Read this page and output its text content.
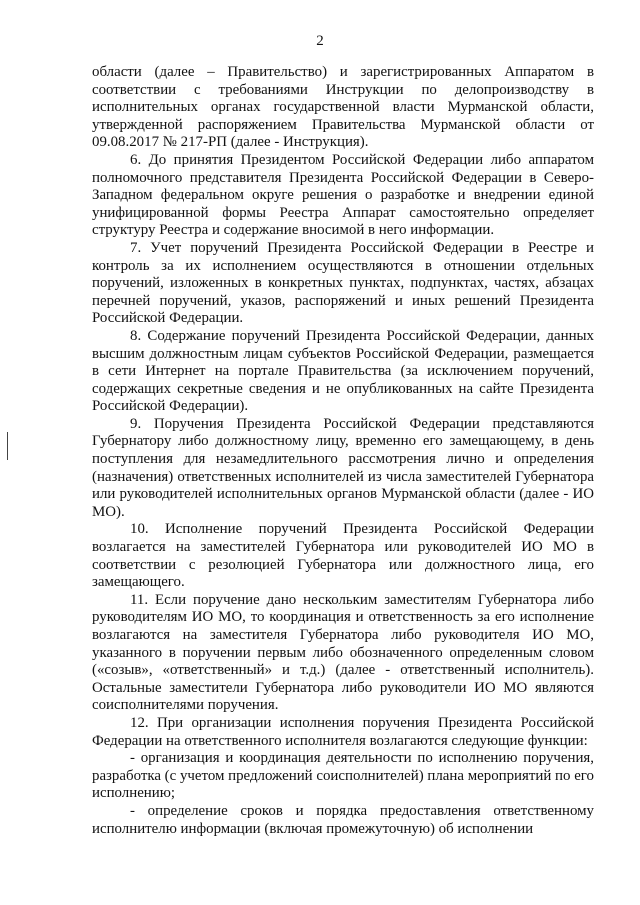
2

области (далее – Правительство) и зарегистрированных Аппаратом в соответствии с требованиями Инструкции по делопроизводству в исполнительных органах государственной власти Мурманской области, утвержденной распоряжением Правительства Мурманской области от 09.08.2017 № 217-РП (далее - Инструкция).

6. До принятия Президентом Российской Федерации либо аппаратом полномочного представителя Президента Российской Федерации в Северо-Западном федеральном округе решения о разработке и внедрении единой унифицированной формы Реестра Аппарат самостоятельно определяет структуру Реестра и содержание вносимой в него информации.

7. Учет поручений Президента Российской Федерации в Реестре и контроль за их исполнением осуществляются в отношении отдельных поручений, изложенных в конкретных пунктах, подпунктах, частях, абзацах перечней поручений, указов, распоряжений и иных решений Президента Российской Федерации.

8. Содержание поручений Президента Российской Федерации, данных высшим должностным лицам субъектов Российской Федерации, размещается в сети Интернет на портале Правительства (за исключением поручений, содержащих секретные сведения и не опубликованных на сайте Президента Российской Федерации).

9. Поручения Президента Российской Федерации представляются Губернатору либо должностному лицу, временно его замещающему, в день поступления для незамедлительного рассмотрения лично и определения (назначения) ответственных исполнителей из числа заместителей Губернатора или руководителей исполнительных органов Мурманской области (далее - ИО МО).

10. Исполнение поручений Президента Российской Федерации возлагается на заместителей Губернатора или руководителей ИО МО в соответствии с резолюцией Губернатора или должностного лица, его замещающего.

11. Если поручение дано нескольким заместителям Губернатора либо руководителям ИО МО, то координация и ответственность за его исполнение возлагаются на заместителя Губернатора либо руководителя ИО МО, указанного в поручении первым либо обозначенного определенным словом («созыв», «ответственный» и т.д.) (далее - ответственный исполнитель). Остальные заместители Губернатора либо руководители ИО МО являются соисполнителями поручения.

12. При организации исполнения поручения Президента Российской Федерации на ответственного исполнителя возлагаются следующие функции:

- организация и координация деятельности по исполнению поручения, разработка (с учетом предложений соисполнителей) плана мероприятий по его исполнению;

- определение сроков и порядка предоставления ответственному исполнителю информации (включая промежуточную) об исполнении
